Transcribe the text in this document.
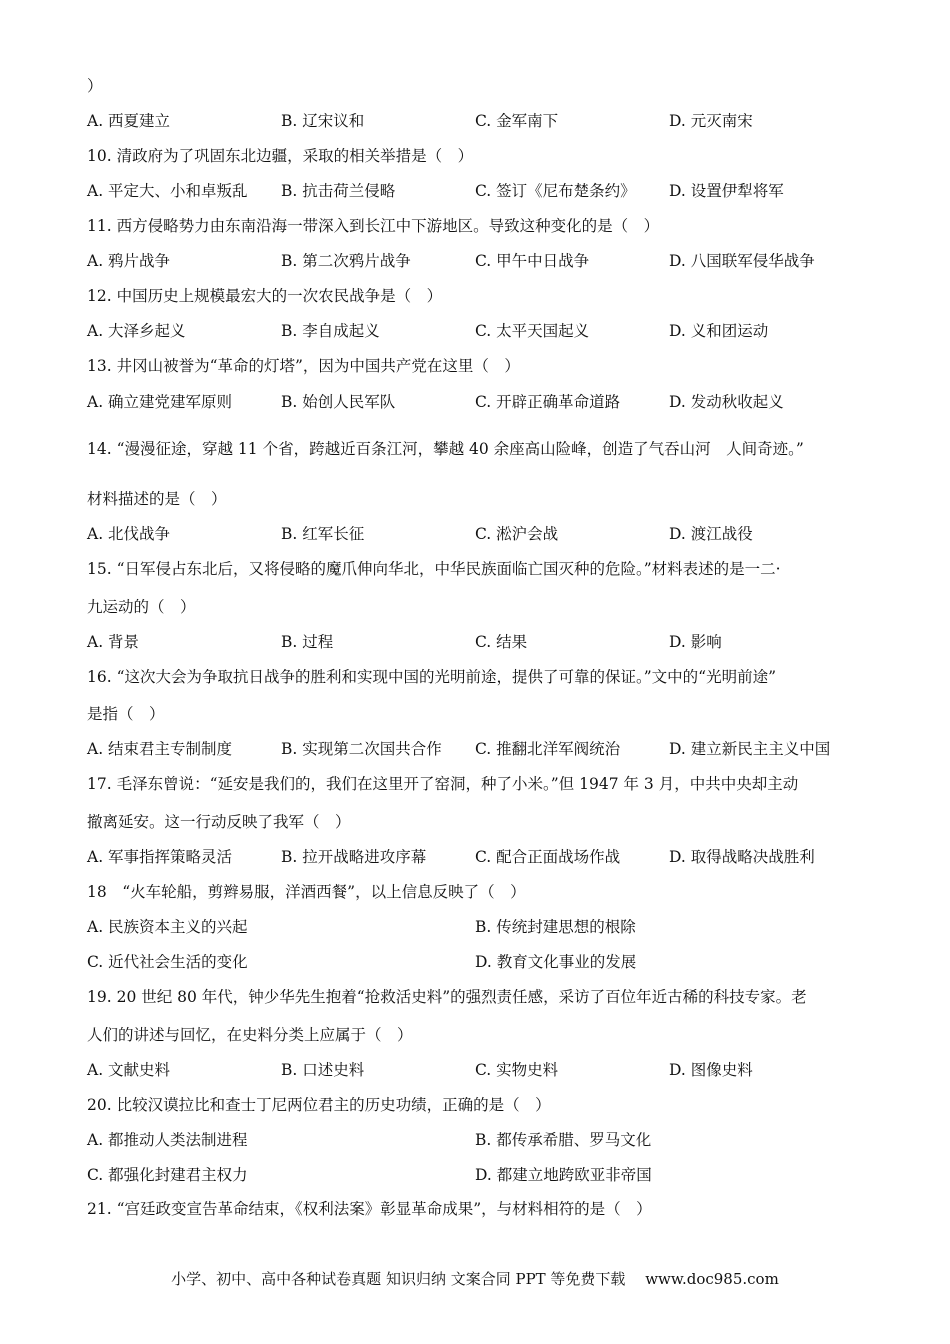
）
A. 西夏建立	B. 辽宋议和	C. 金军南下	D. 元灭南宋
10. 清政府为了巩固东北边疆，采取的相关举措是（　）
A. 平定大、小和卓叛乱 B. 抗击荷兰侵略	C. 签订《尼布楚条约》 D. 设置伊犁将军
11. 西方侵略势力由东南沿海一带深入到长江中下游地区。导致这种变化的是（　）
A. 鸦片战争	B. 第二次鸦片战争	C. 甲午中日战争	D. 八国联军侵华战争
12. 中国历史上规模最宏大的一次农民战争是（　）
A. 大泽乡起义	B. 李自成起义	C. 太平天国起义	D. 义和团运动
13. 井冈山被誉为“革命的灯塔”，因为中国共产党在这里（　）
A. 确立建党建军原则	B. 始创人民军队	C. 开辟正确革命道路	D. 发动秋收起义
14. “漫漫征途，穿越 11 个省，跨越近百条江河，攀越 40 余座高山险峰，创造了气吞山河　人间奇迹。”
材料描述的是（　）
A. 北伐战争	B. 红军长征	C. 淞沪会战	D. 渡江战役
15. “日军侵占东北后，又将侵略的魔爪伸向华北，中华民族面临亡国灭种的危险。”材料表述的是一二·
九运动的（　）
A. 背景	B. 过程	C. 结果	D. 影响
16. “这次大会为争取抗日战争的胜利和实现中国的光明前途，提供了可靠的保证。”文中的“光明前途”
是指（　）
A. 结束君主专制制度	B. 实现第二次国共合作 C. 推翻北洋军阀统治	D. 建立新民主主义中国
17. 毛泽东曾说：“延安是我们的，我们在这里开了窑洞，种了小米。”但 1947 年 3 月，中共中央却主动
撤离延安。这一行动反映了我军（　）
A. 军事指挥策略灵活	B. 拉开战略进攻序幕	C. 配合正面战场作战	D. 取得战略决战胜利
18　“火车轮船，剪辫易服，洋酒西餐”，以上信息反映了（　）
A. 民族资本主义的兴起	B. 传统封建思想的根除
C. 近代社会生活的变化	D. 教育文化事业的发展
19. 20 世纪 80 年代，钟少华先生抱着“抢救活史料”的强烈责任感，采访了百位年近古稀的科技专家。老
人们的讲述与回忆，在史料分类上应属于（　）
A. 文献史料	B. 口述史料	C. 实物史料	D. 图像史料
20. 比较汉谟拉比和查士丁尼两位君主的历史功绩，正确的是（　）
A. 都推动人类法制进程	B. 都传承希腊、罗马文化
C. 都强化封建君主权力	D. 都建立地跨欧亚非帝国
21. “宫廷政变宣告革命结束，《权利法案》彰显革命成果”，与材料相符的是（　）
小学、初中、高中各种试卷真题 知识归纳 文案合同 PPT 等免费下载　 www.doc985.com
